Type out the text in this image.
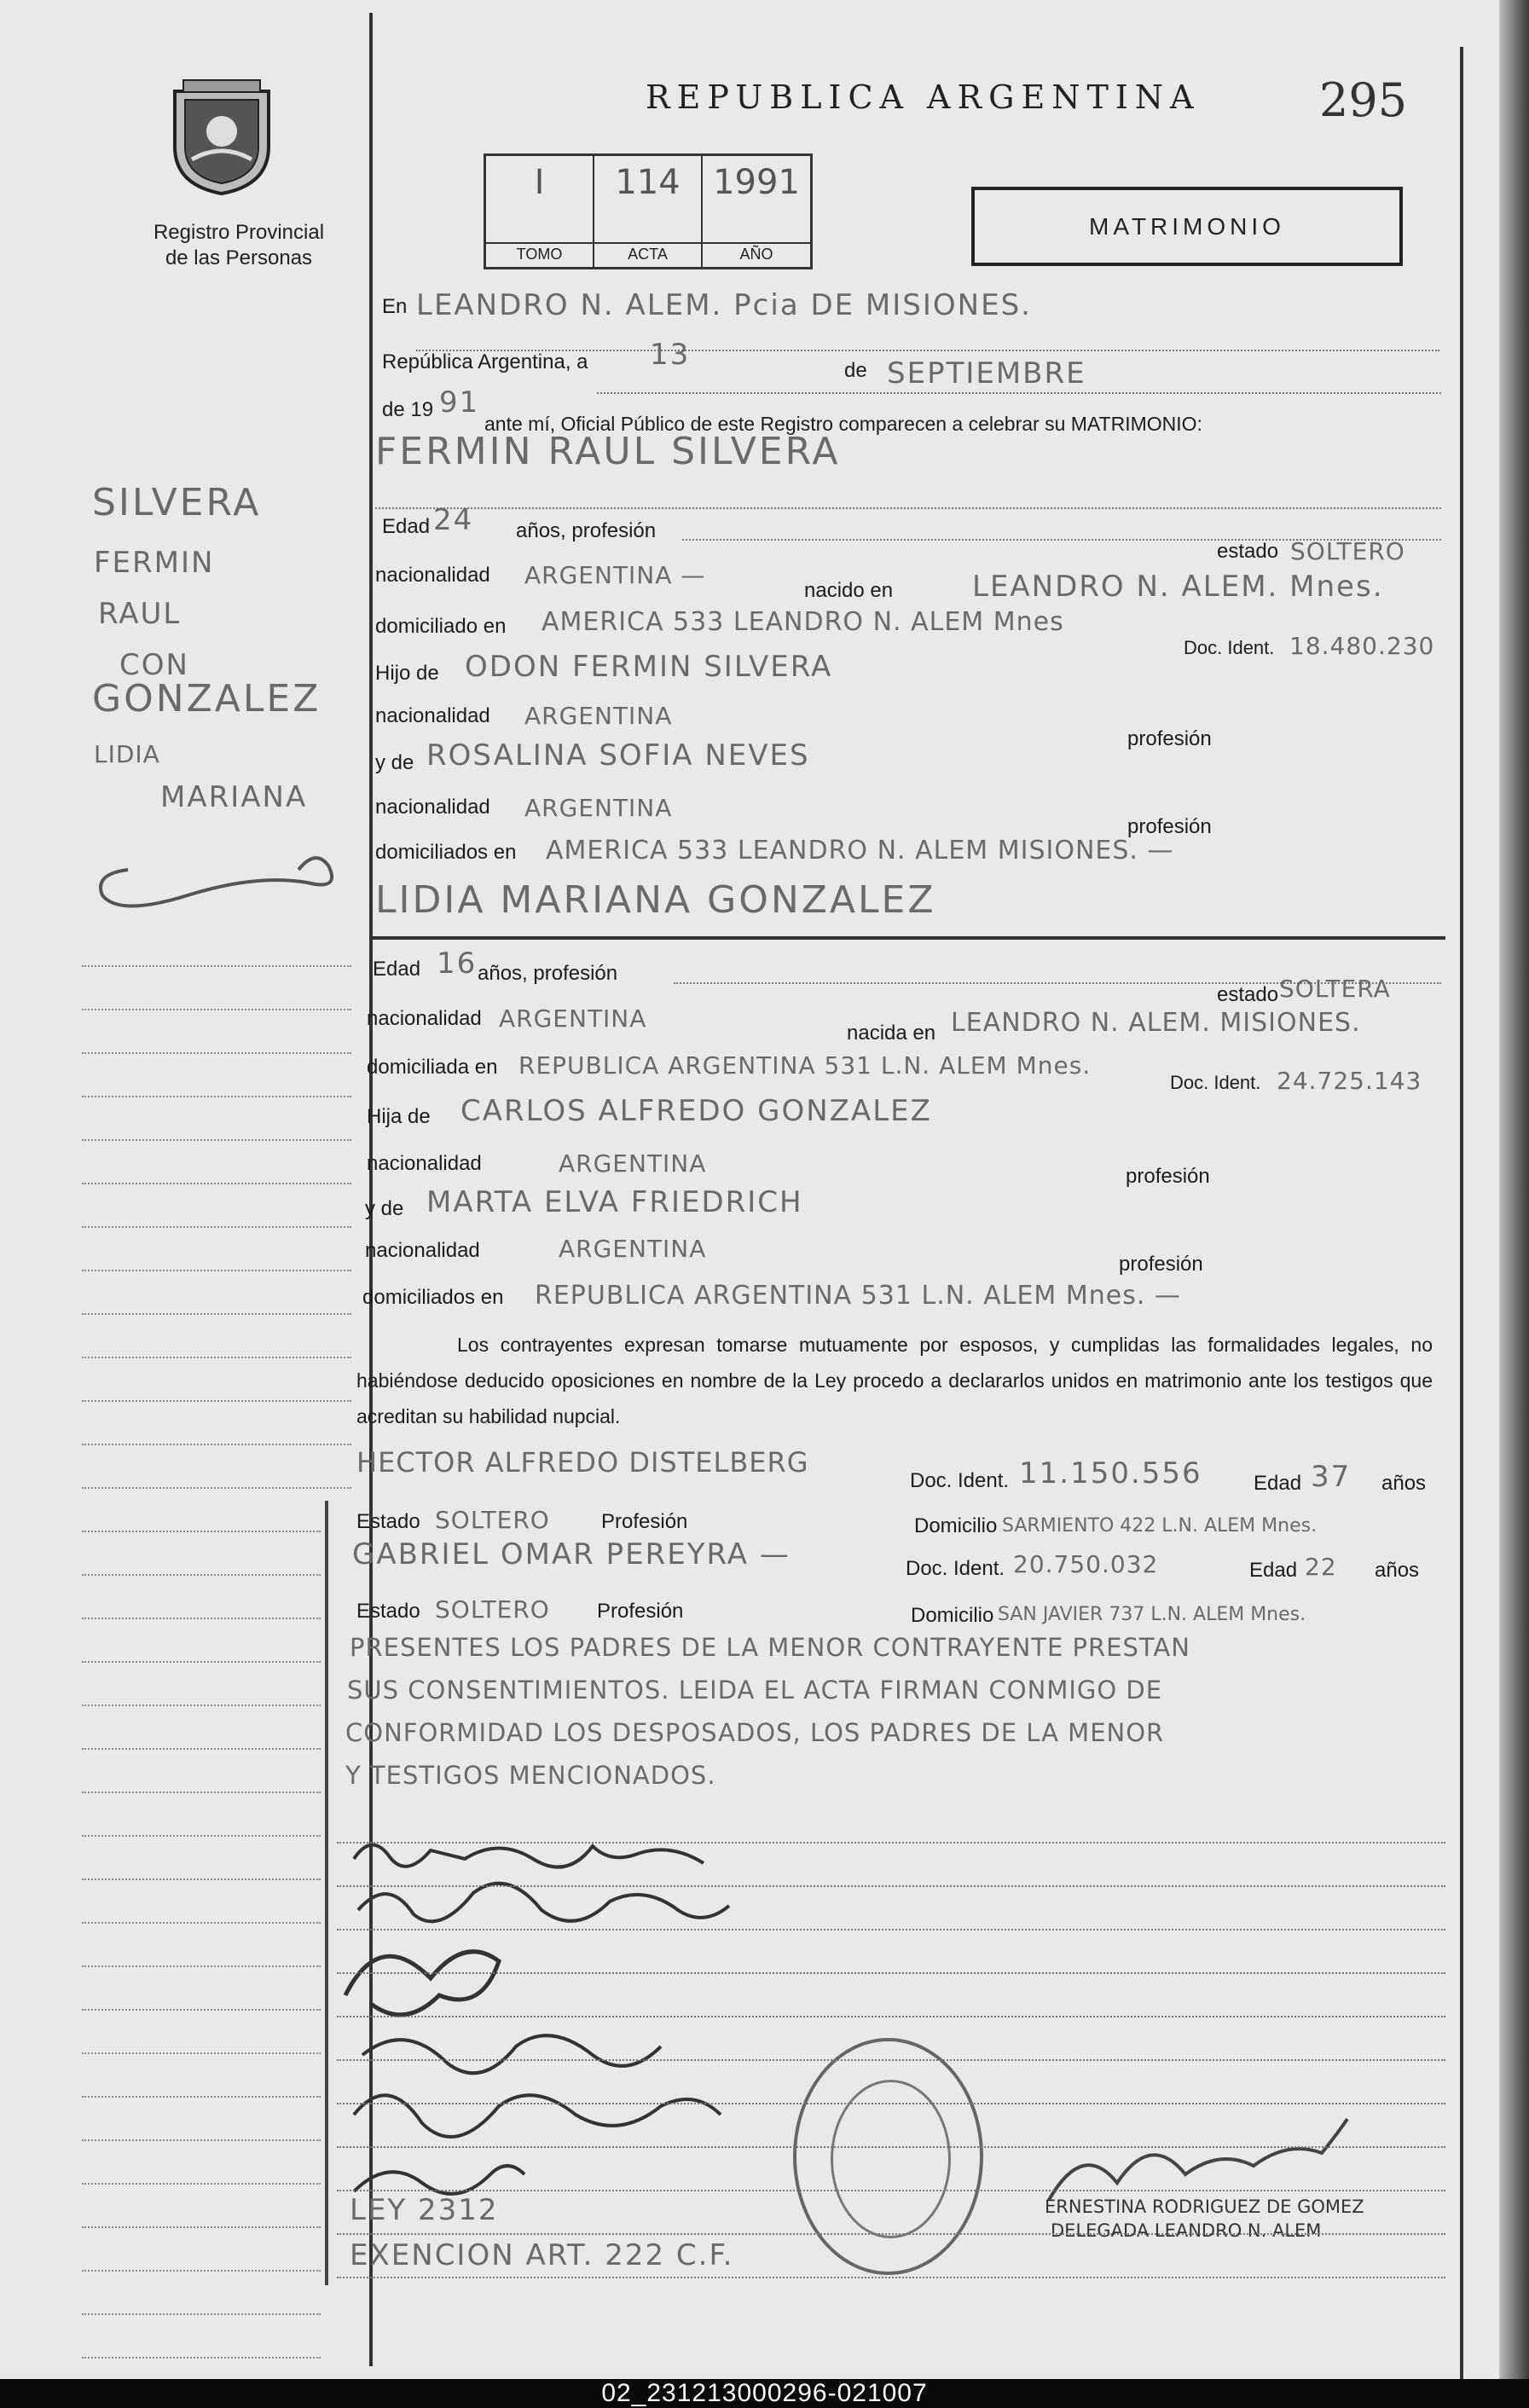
Registro Provincial
de las Personas
REPUBLICA ARGENTINA	295
I
TOMO
114
ACTA
1991
AÑO
MATRIMONIO
En LEANDRO N. ALEM. Pcia DE MISIONES.
República Argentina, a 13	de SEPTIEMBRE
de 19 91
ante mí, Oficial Público de este Registro comparecen a celebrar su MATRIMONIO:
SILVERA
FERMIN
RAUL
CON
GONZALEZ
LIDIA
MARIANA
FERMIN RAUL SILVERA
Edad 24 años, profesión
estado SOLTERO
nacionalidad ARGENTINA —
nacido en	LEANDRO N. ALEM. Mnes.
domiciliado en AMERICA 533 LEANDRO N. ALEM Mnes
Doc. Ident. 18.480.230
Hijo de ODON FERMIN SILVERA
nacionalidad ARGENTINA
profesión
y de ROSALINA SOFIA NEVES
nacionalidad ARGENTINA
profesión
domiciliados en AMERICA 533 LEANDRO N. ALEM MISIONES. —
LIDIA MARIANA GONZALEZ
Edad 16 años, profesión
estado SOLTERA
nacionalidad ARGENTINA
nacida en LEANDRO N. ALEM. MISIONES.
domiciliada en REPUBLICA ARGENTINA 531 L.N. ALEM Mnes.
Doc. Ident. 24.725.143
Hija de CARLOS ALFREDO GONZALEZ
nacionalidad	ARGENTINA	profesión
y de MARTA ELVA FRIEDRICH
nacionalidad	ARGENTINA
profesión
domiciliados en REPUBLICA ARGENTINA 531 L.N. ALEM Mnes. —
Los contrayentes expresan tomarse mutuamente por esposos, y cumplidas las formalidades legales, no habiéndose deducido oposiciones en nombre de la Ley procedo a declararlos unidos en matrimonio ante los testigos que acreditan su habilidad nupcial.
HECTOR ALFREDO DISTELBERG
Doc. Ident. 11.150.556	Edad 37 años
Estado SOLTERO	Profesión	Domicilio SARMIENTO 422 L.N. ALEM Mnes.
GABRIEL OMAR PEREYRA —	Doc. Ident. 20.750.032	Edad 22 años
Estado SOLTERO Profesión	Domicilio SAN JAVIER 737 L.N. ALEM Mnes.
PRESENTES LOS PADRES DE LA MENOR CONTRAYENTE PRESTAN
SUS CONSENTIMIENTOS. LEIDA EL ACTA FIRMAN CONMIGO DE
CONFORMIDAD LOS DESPOSADOS, LOS PADRES DE LA MENOR
Y TESTIGOS MENCIONADOS.
LEY 2312
EXENCION ART. 222 C.F.
ERNESTINA RODRIGUEZ DE GOMEZ
DELEGADA LEANDRO N. ALEM
02_231213000296-021007
